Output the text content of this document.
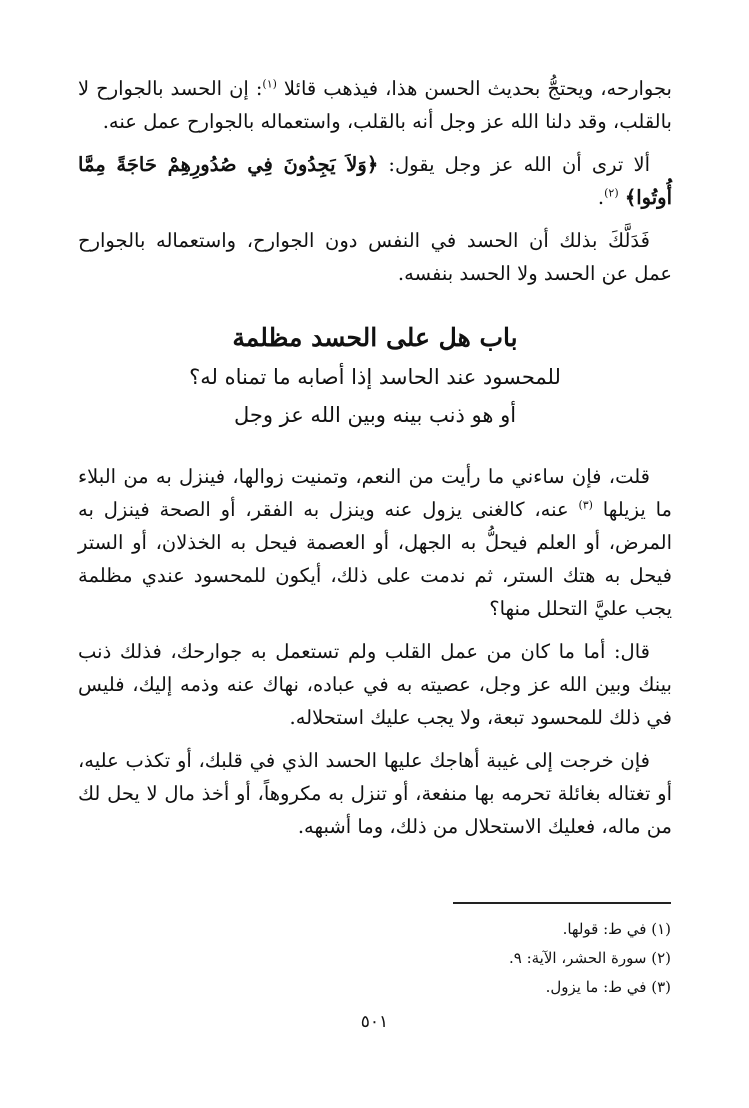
بجوارحه، ويحتجُّ بحديث الحسن هذا، فيذهب قائلا $^{(١)}$: إن الحسد بالجوارح لا بالقلب، وقد دلنا الله عز وجل أنه بالقلب، واستعماله بالجوارح عمل عنه.

ألا ترى أن الله عز وجل يقول: ﴿وَلاَ يَجِدُونَ فِي صُدُورِهِمْ حَاجَةً مِمَّا أُوتُوا﴾ $^{(٢)}$.

فَدَلَّكَ بذلك أن الحسد في النفس دون الجوارح، واستعماله بالجوارح عمل عن الحسد ولا الحسد بنفسه.

باب هل على الحسد مظلمة
للمحسود عند الحاسد إذا أصابه ما تمناه له؟
أو هو ذنب بينه وبين الله عز وجل

قلت، فإن ساءني ما رأيت من النعم، وتمنيت زوالها، فينزل به من البلاء ما يزيلها $^{(٣)}$ عنه، كالغنى يزول عنه وينزل به الفقر، أو الصحة فينزل به المرض، أو العلم فيحلُّ به الجهل، أو العصمة فيحل به الخذلان، أو الستر فيحل به هتك الستر، ثم ندمت على ذلك، أيكون للمحسود عندي مظلمة يجب عليَّ التحلل منها؟

قال: أما ما كان من عمل القلب ولم تستعمل به جوارحك، فذلك ذنب بينك وبين الله عز وجل، عصيته به في عباده، نهاك عنه وذمه إليك، فليس في ذلك للمحسود تبعة، ولا يجب عليك استحلاله.

فإن خرجت إلى غيبة أهاجك عليها الحسد الذي في قلبك، أو تكذب عليه، أو تغتاله بغائلة تحرمه بها منفعة، أو تنزل به مكروهاً، أو أخذ مال لا يحل لك من ماله، فعليك الاستحلال من ذلك، وما أشبهه.

(١) في ط: قولها.

(٢) سورة الحشر، الآية: ٩.

(٣) في ط: ما يزول.

٥٠١
